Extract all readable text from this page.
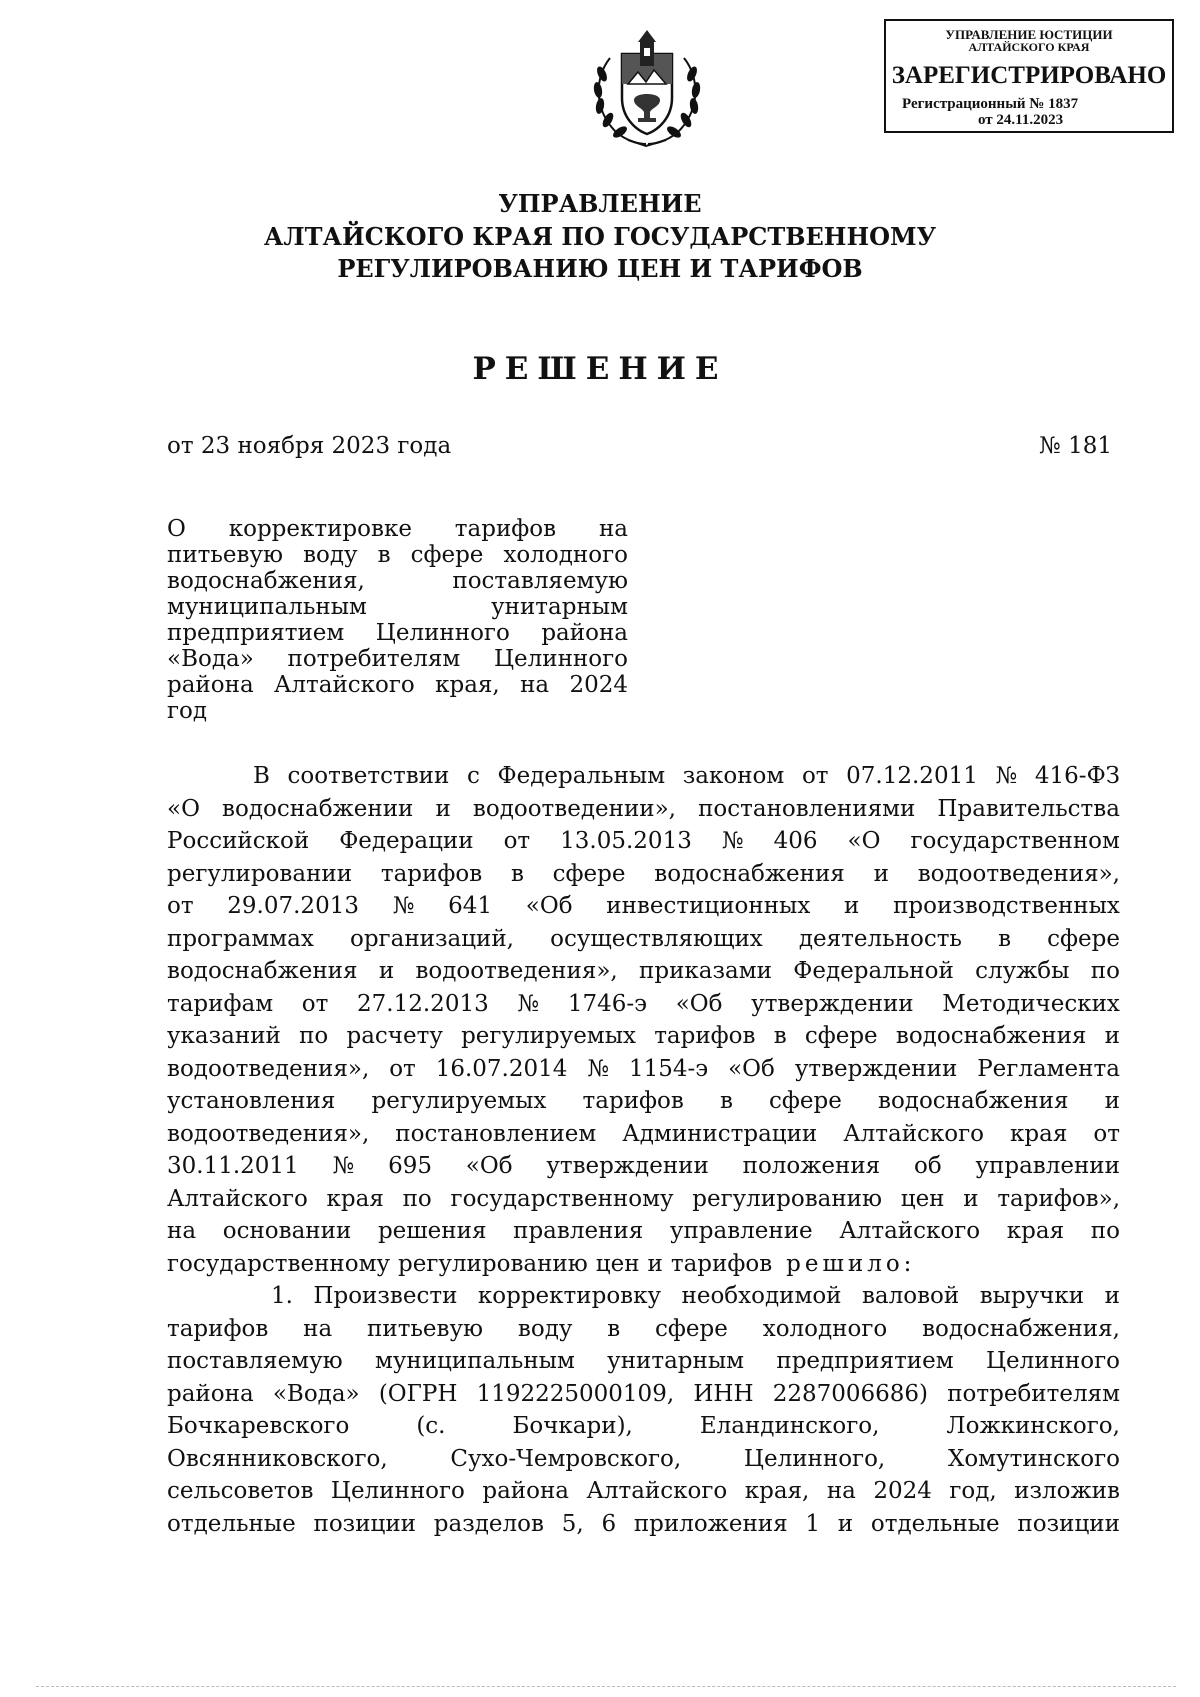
УПРАВЛЕНИЕ ЮСТИЦИИ
АЛТАЙСКОГО КРАЯ
ЗАРЕГИСТРИРОВАНО
Регистрационный № 1837
от 24.11.2023
УПРАВЛЕНИЕ
АЛТАЙСКОГО КРАЯ ПО ГОСУДАРСТВЕННОМУ
РЕГУЛИРОВАНИЮ ЦЕН И ТАРИФОВ
РЕШЕНИЕ
от 23 ноября 2023 года	№ 181
О корректировке тарифов на
питьевую воду в сфере холодного
водоснабжения,	поставляемую
муниципальным	унитарным
предприятием Целинного района
«Вода» потребителям Целинного
района Алтайского края, на 2024
год
В соответствии с Федеральным законом от 07.12.2011 № 416-ФЗ
«О водоснабжении и водоотведении», постановлениями Правительства
Российской Федерации от 13.05.2013 № 406 «О государственном
регулировании тарифов в сфере водоснабжения и водоотведения»,
от 29.07.2013 № 641 «Об инвестиционных и производственных
программах организаций, осуществляющих деятельность в сфере
водоснабжения и водоотведения», приказами Федеральной службы по
тарифам от 27.12.2013 № 1746-э «Об утверждении Методических
указаний по расчету регулируемых тарифов в сфере водоснабжения и
водоотведения», от 16.07.2014 № 1154-э «Об утверждении Регламента
установления регулируемых тарифов в сфере водоснабжения и
водоотведения», постановлением Администрации Алтайского края от
30.11.2011 № 695 «Об утверждении положения об управлении
Алтайского края по государственному регулированию цен и тарифов»,
на основании решения правления управление Алтайского края по
государственному регулированию цен и тарифов решило:
1. Произвести корректировку необходимой валовой выручки и
тарифов на питьевую воду в сфере холодного водоснабжения,
поставляемую муниципальным унитарным предприятием Целинного
района «Вода» (ОГРН 1192225000109, ИНН 2287006686) потребителям
Бочкаревского	(с.	Бочкари),	Еландинского,	Ложкинского,
Овсянниковского,	Сухо-Чемровского,	Целинного,	Хомутинского
сельсоветов Целинного района Алтайского края, на 2024 год, изложив
отдельные позиции разделов 5, 6 приложения 1 и отдельные позиции
